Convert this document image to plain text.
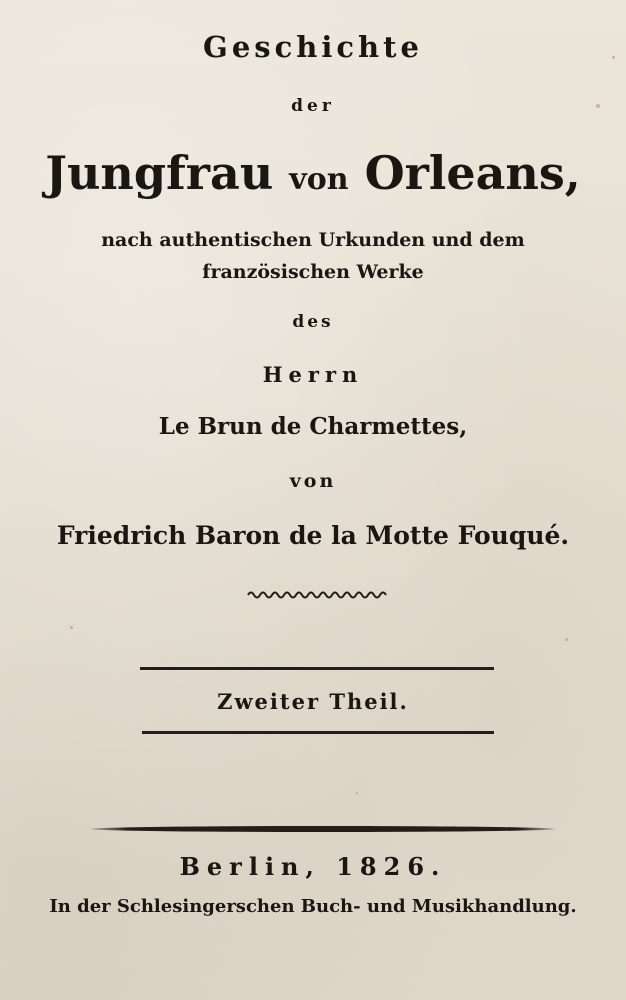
Geschichte
der
Jungfrau von Orleans,
nach authentischen Urkunden und dem
französischen Werke
des
Herrn
Le Brun de Charmettes,
von
Friedrich Baron de la Motte Fouqué.
Zweiter Theil.
Berlin, 1826.
In der Schlesingerschen Buch- und Musikhandlung.
